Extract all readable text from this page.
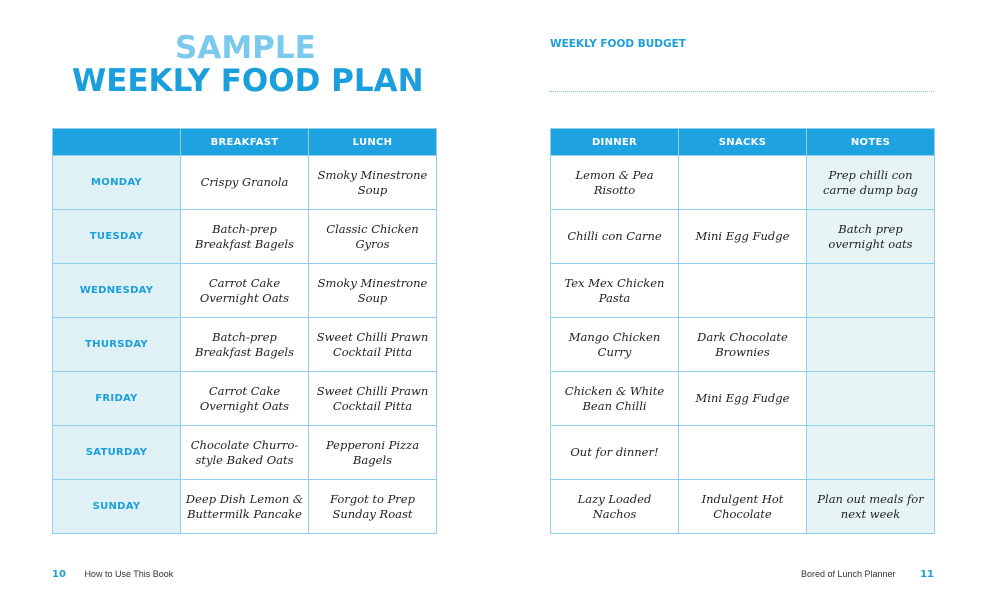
SAMPLE
WEEKLY FOOD PLAN
WEEKLY FOOD BUDGET
	BREAKFAST	LUNCH
MONDAY	Crispy Granola	Smoky Minestrone Soup
TUESDAY	Batch-prep Breakfast Bagels	Classic Chicken Gyros
WEDNESDAY	Carrot Cake Overnight Oats	Smoky Minestrone Soup
THURSDAY	Batch-prep Breakfast Bagels	Sweet Chilli Prawn Cocktail Pitta
FRIDAY	Carrot Cake Overnight Oats	Sweet Chilli Prawn Cocktail Pitta
SATURDAY	Chocolate Churro-style Baked Oats	Pepperoni Pizza Bagels
SUNDAY	Deep Dish Lemon & Buttermilk Pancake	Forgot to Prep Sunday Roast
DINNER	SNACKS	NOTES
Lemon & Pea Risotto		Prep chilli con carne dump bag
Chilli con Carne	Mini Egg Fudge	Batch prep overnight oats
Tex Mex Chicken Pasta		
Mango Chicken Curry	Dark Chocolate Brownies	
Chicken & White Bean Chilli	Mini Egg Fudge	
Out for dinner!		
Lazy Loaded Nachos	Indulgent Hot Chocolate	Plan out meals for next week
10 How to Use This Book	Bored of Lunch Planner 11
